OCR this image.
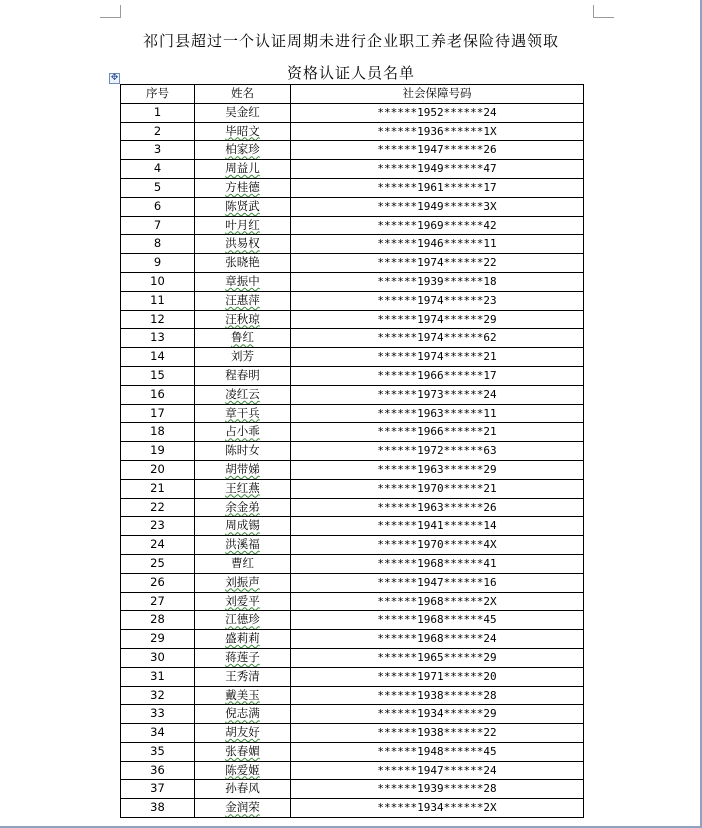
祁门县超过一个认证周期未进行企业职工养老保险待遇领取
资格认证人员名单
✥
序号	姓名	社会保障号码
1	吴金红	******1952******24
2	毕昭文	******1936******1X
3	柏家珍	******1947******26
4	周益儿	******1949******47
5	方桂德	******1961******17
6	陈贤武	******1949******3X
7	叶月红	******1969******42
8	洪易权	******1946******11
9	张晓艳	******1974******22
10	章振中	******1939******18
11	汪惠萍	******1974******23
12	汪秋琼	******1974******29
13	鲁红	******1974******62
14	刘芳	******1974******21
15	程春明	******1966******17
16	凌红云	******1973******24
17	章干兵	******1963******11
18	占小乖	******1966******21
19	陈时女	******1972******63
20	胡带娣	******1963******29
21	王红燕	******1970******21
22	余金弟	******1963******26
23	周成锡	******1941******14
24	洪溪福	******1970******4X
25	曹红	******1968******41
26	刘振声	******1947******16
27	刘爱平	******1968******2X
28	江德珍	******1968******45
29	盛莉莉	******1968******24
30	蒋莲子	******1965******29
31	王秀清	******1971******20
32	戴美玉	******1938******28
33	倪志满	******1934******29
34	胡友好	******1938******22
35	张春媚	******1948******45
36	陈爱姬	******1947******24
37	孙春风	******1939******28
38	金润荣	******1934******2X
